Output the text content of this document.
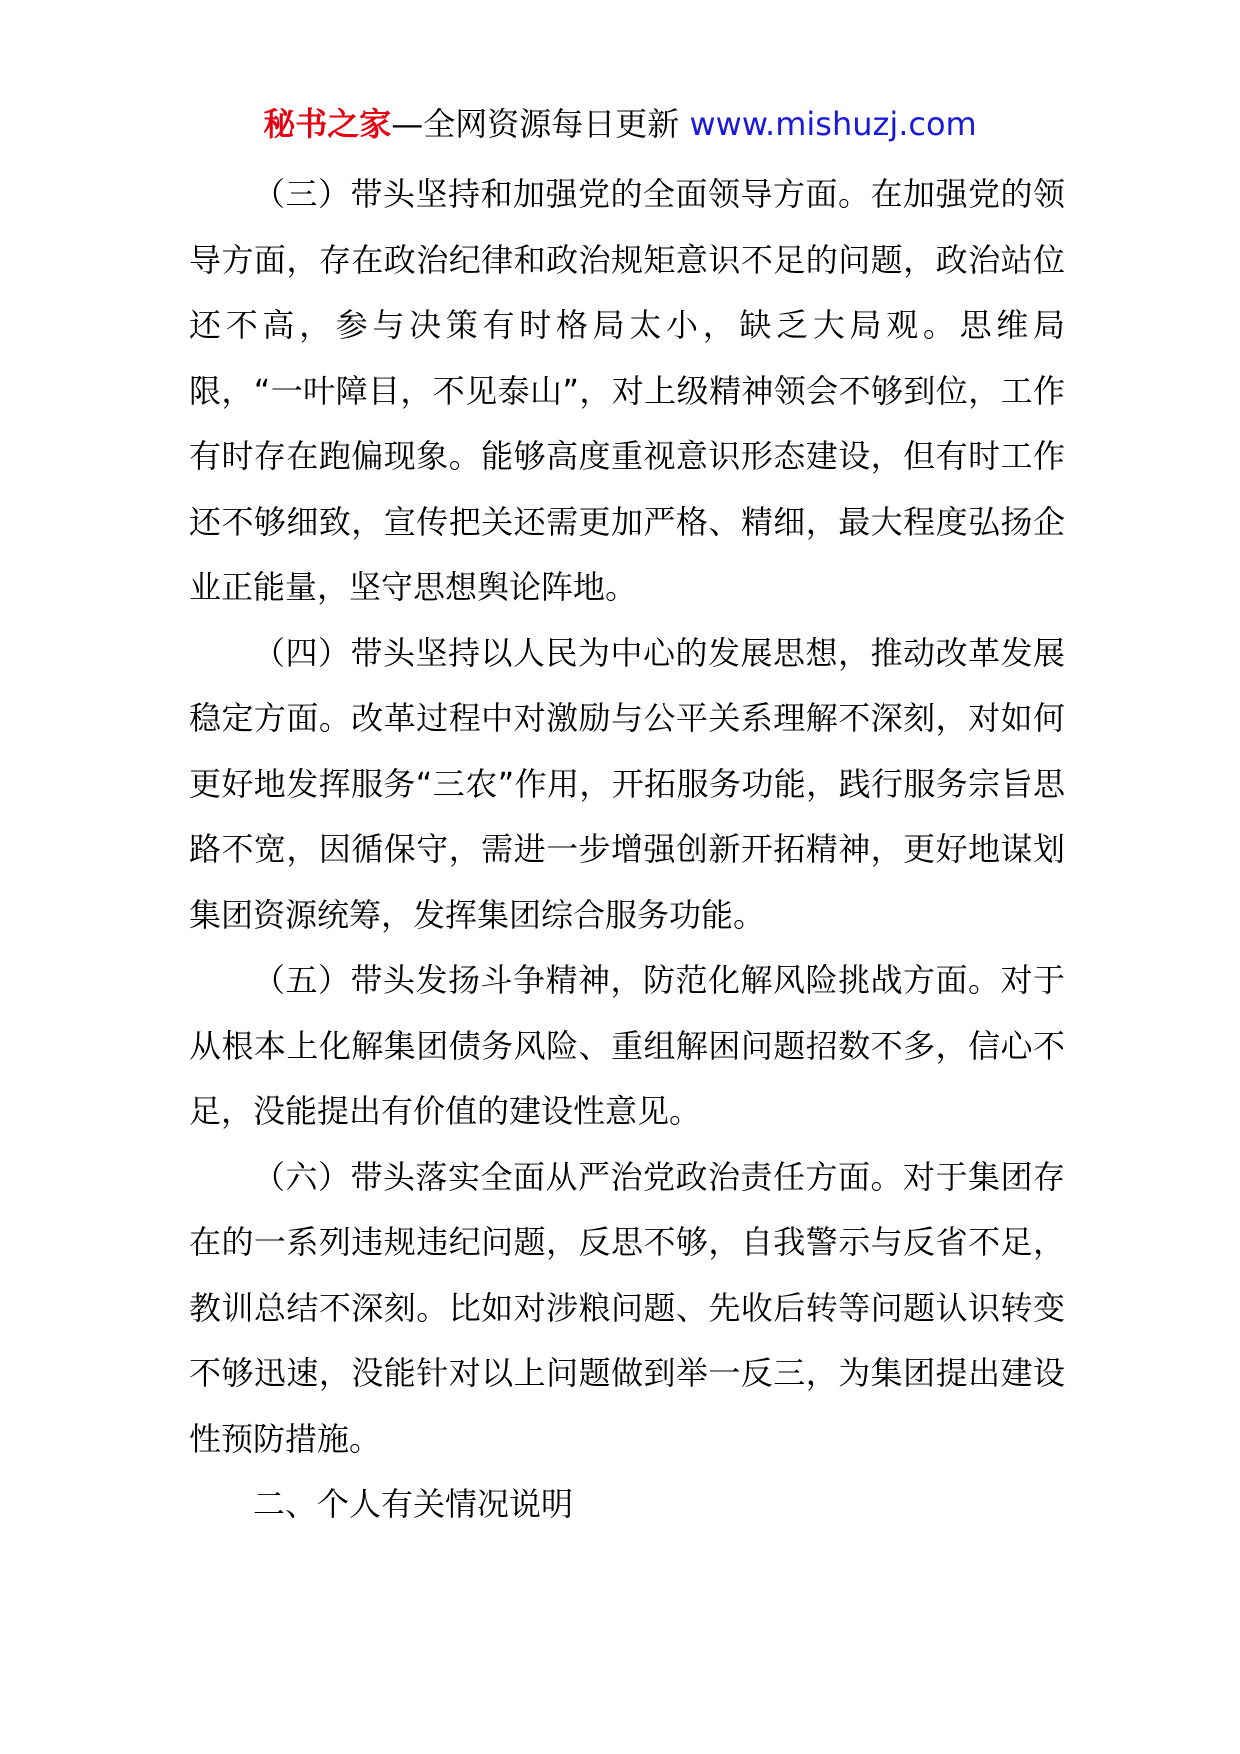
秘书之家—全网资源每日更新 www.mishuzj.com

（三）带头坚持和加强党的全面领导方面。在加强党的领导方面，存在政治纪律和政治规矩意识不足的问题，政治站位还不高，参与决策有时格局太小，缺乏大局观。思维局限，“一叶障目，不见泰山”，对上级精神领会不够到位，工作有时存在跑偏现象。能够高度重视意识形态建设，但有时工作还不够细致，宣传把关还需更加严格、精细，最大程度弘扬企业正能量，坚守思想舆论阵地。

（四）带头坚持以人民为中心的发展思想，推动改革发展稳定方面。改革过程中对激励与公平关系理解不深刻，对如何更好地发挥服务“三农”作用，开拓服务功能，践行服务宗旨思路不宽，因循保守，需进一步增强创新开拓精神，更好地谋划集团资源统筹，发挥集团综合服务功能。

（五）带头发扬斗争精神，防范化解风险挑战方面。对于从根本上化解集团债务风险、重组解困问题招数不多，信心不足，没能提出有价值的建设性意见。

（六）带头落实全面从严治党政治责任方面。对于集团存在的一系列违规违纪问题，反思不够，自我警示与反省不足，教训总结不深刻。比如对涉粮问题、先收后转等问题认识转变不够迅速，没能针对以上问题做到举一反三，为集团提出建设性预防措施。

二、个人有关情况说明
